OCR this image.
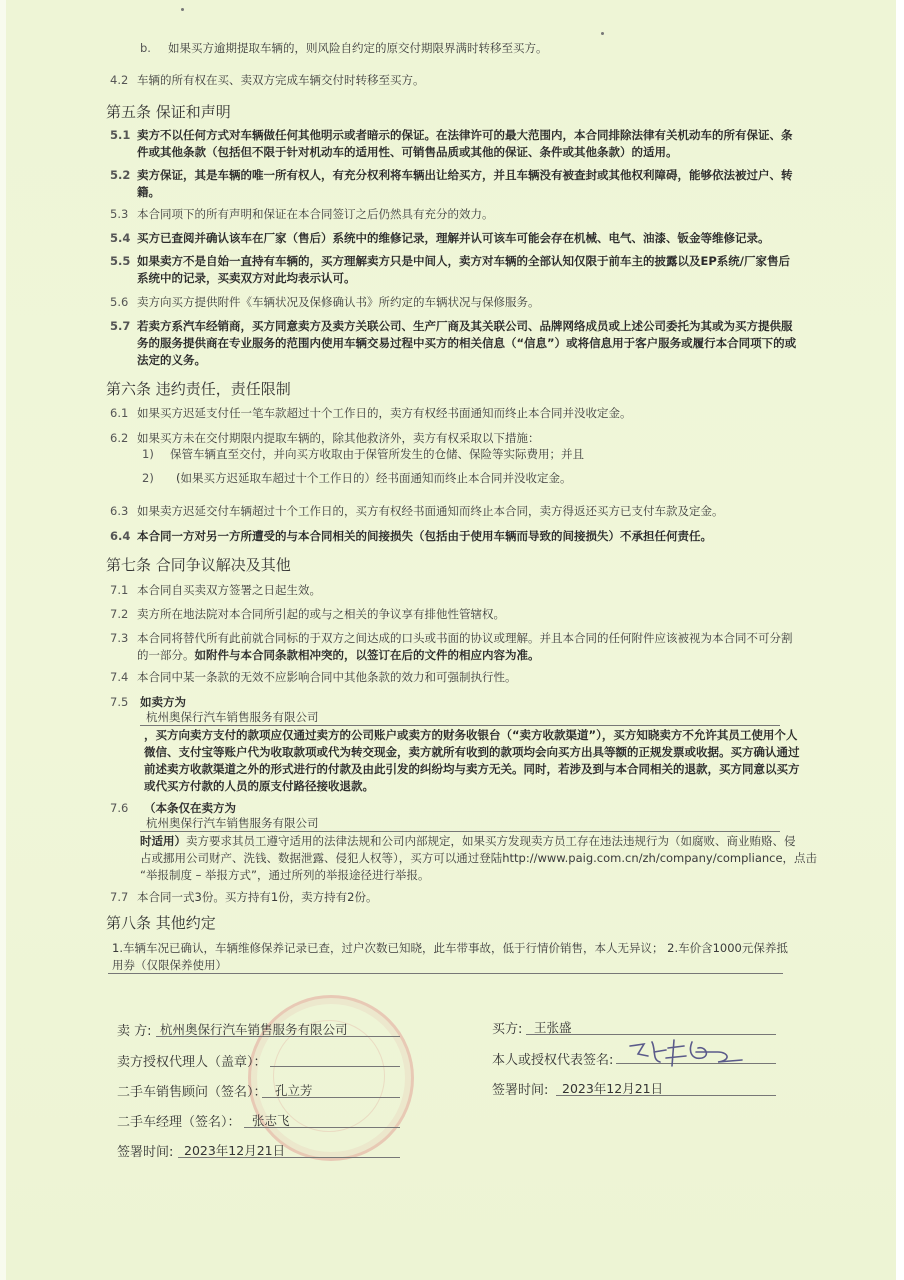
b. 如果买方逾期提取车辆的，则风险自约定的原交付期限界满时转移至买方。
4.2 车辆的所有权在买、卖双方完成车辆交付时转移至买方。
第五条 保证和声明
5.1 卖方不以任何方式对车辆做任何其他明示或者暗示的保证。在法律许可的最大范围内，本合同排除法律有关机动车的所有保证、条
件或其他条款（包括但不限于针对机动车的适用性、可销售品质或其他的保证、条件或其他条款）的适用。
5.2 卖方保证，其是车辆的唯一所有权人，有充分权利将车辆出让给买方，并且车辆没有被查封或其他权利障碍，能够依法被过户、转
籍。
5.3 本合同项下的所有声明和保证在本合同签订之后仍然具有充分的效力。
5.4 买方已查阅并确认该车在厂家（售后）系统中的维修记录，理解并认可该车可能会存在机械、电气、油漆、钣金等维修记录。
5.5 如果卖方不是自始一直持有车辆的，买方理解卖方只是中间人，卖方对车辆的全部认知仅限于前车主的披露以及EP系统/厂家售后
系统中的记录，买卖双方对此均表示认可。
5.6 卖方向买方提供附件《车辆状况及保修确认书》所约定的车辆状况与保修服务。
5.7 若卖方系汽车经销商，买方同意卖方及卖方关联公司、生产厂商及其关联公司、品牌网络成员或上述公司委托为其或为买方提供服
务的服务提供商在专业服务的范围内使用车辆交易过程中买方的相关信息（“信息”）或将信息用于客户服务或履行本合同项下的或
法定的义务。
第六条 违约责任，责任限制
6.1 如果买方迟延支付任一笔车款超过十个工作日的，卖方有权经书面通知而终止本合同并没收定金。
6.2 如果买方未在交付期限内提取车辆的，除其他救济外，卖方有权采取以下措施：
1) 保管车辆直至交付，并向买方收取由于保管所发生的仓储、保险等实际费用；并且
2) (如果买方迟延取车超过十个工作日的）经书面通知而终止本合同并没收定金。
6.3 如果卖方迟延交付车辆超过十个工作日的，买方有权经书面通知而终止本合同，卖方得返还买方已支付车款及定金。
6.4 本合同一方对另一方所遭受的与本合同相关的间接损失（包括由于使用车辆而导致的间接损失）不承担任何责任。
第七条 合同争议解决及其他
7.1 本合同自买卖双方签署之日起生效。
7.2 卖方所在地法院对本合同所引起的或与之相关的争议享有排他性管辖权。
7.3 本合同将替代所有此前就合同标的于双方之间达成的口头或书面的协议或理解。并且本合同的任何附件应该被视为本合同不可分割
的一部分。如附件与本合同条款相冲突的，以签订在后的文件的相应内容为准。
7.4 本合同中某一条款的无效不应影响合同中其他条款的效力和可强制执行性。
7.5 如卖方为
杭州奥保行汽车销售服务有限公司
，买方向卖方支付的款项应仅通过卖方的公司账户或卖方的财务收银台（“卖方收款渠道”），买方知晓卖方不允许其员工使用个人
微信、支付宝等账户代为收取款项或代为转交现金，卖方就所有收到的款项均会向买方出具等额的正规发票或收据。买方确认通过
前述卖方收款渠道之外的形式进行的付款及由此引发的纠纷均与卖方无关。同时，若涉及到与本合同相关的退款，买方同意以买方
或代买方付款的人员的原支付路径接收退款。
7.6 （本条仅在卖方为
杭州奥保行汽车销售服务有限公司
时适用）卖方要求其员工遵守适用的法律法规和公司内部规定，如果买方发现卖方员工存在违法违规行为（如腐败、商业贿赂、侵
占或挪用公司财产、洗钱、数据泄露、侵犯人权等），买方可以通过登陆http://www.paig.com.cn/zh/company/compliance，点击
“举报制度 – 举报方式”，通过所列的举报途径进行举报。
7.7 本合同一式3份。买方持有1份，卖方持有2份。
第八条 其他约定
1.车辆车况已确认，车辆维修保养记录已查，过户次数已知晓，此车带事故，低于行情价销售，本人无异议； 2.车价含1000元保养抵
用券（仅限保养使用）
卖 方: 杭州奥保行汽车销售服务有限公司
卖方授权代理人（盖章）：
二手车销售顾问（签名）： 孔立芳
二手车经理（签名）： 张志飞
签署时间: 2023年12月21日
买方: 王张盛
本人或授权代表签名:
签署时间: 2023年12月21日
